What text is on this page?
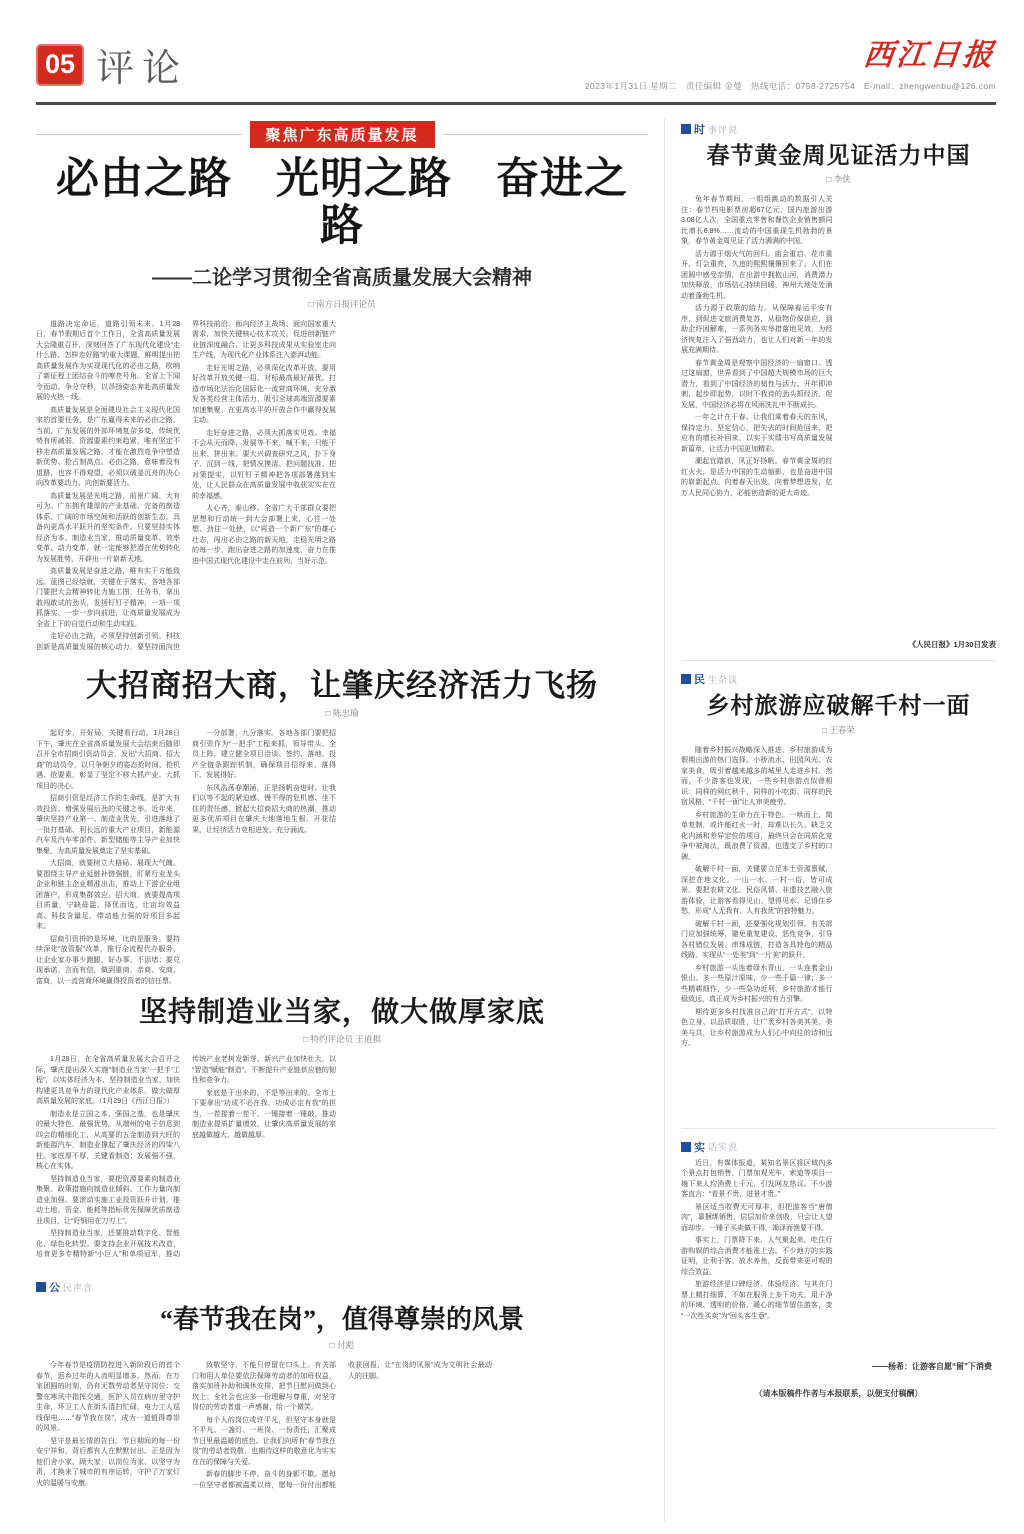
05 评论	西江日报
2023年1月31日 星期二　责任编辑 金曼　热线电话：0758-2725754　E-mail：zhengwenbu@126.com
聚焦广东高质量发展
必由之路　光明之路　奋进之路
——二论学习贯彻全省高质量发展大会精神
□ 南方日报评论员

道路决定命运，道路引领未来。1月28日，春节假期后首个工作日，全省高质量发展大会隆重召开，深刻回答了广东现代化建设“走什么路、怎样走好路”的重大课题，鲜明提出把高质量发展作为实现现代化的必由之路，吹响了新征程上团结奋斗的嘹亮号角。全省上下闻令而动、争分夺秒，以昂扬姿态奔赴高质量发展的火热一线。

高质量发展是全面建设社会主义现代化国家的首要任务，是广东赢得未来的必由之路。当前，广东发展的外部环境复杂多变，传统优势有所减弱，资源要素约束趋紧，唯有坚定不移走高质量发展之路，才能在激烈竞争中塑造新优势、抢占制高点。必由之路，意味着没有退路，也容不得观望，必须以破釜沉舟的决心向改革要动力、向创新要活力。

高质量发展是光明之路，前景广阔、大有可为。广东拥有雄厚的产业基础、完备的制造体系、广阔的市场空间和活跃的创新生态，具备向更高水平跃升的坚实条件。只要坚持实体经济为本、制造业当家，推动质量变革、效率变革、动力变革，就一定能够把潜在优势转化为发展胜势，开辟出一片崭新天地。

高质量发展是奋进之路，唯有实干方能致远。蓝图已经绘就，关键在于落实。各地各部门要把大会精神转化为施工图、任务书，拿出敢闯敢试的劲头，发扬钉钉子精神，一项一项抓落实、一步一步向前进，让高质量发展成为全省上下的自觉行动和生动实践。

走好必由之路，必须坚持创新引领。科技创新是高质量发展的核心动力，要坚持面向世界科技前沿、面向经济主战场、面向国家重大需求，加快关键核心技术攻关，促进创新链产业链深度融合，让更多科技成果从实验室走向生产线，为现代化产业体系注入澎湃动能。

走好光明之路，必须深化改革开放。要用好改革开放关键一招，对标最高最好最优，打造市场化法治化国际化一流营商环境，充分激发各类经营主体活力，吸引全球高端资源要素加速集聚，在更高水平的开放合作中赢得发展主动。

走好奋进之路，必须大抓落实见效。幸福不会从天而降，发展等不来、喊不来，只能干出来、拼出来。要大兴调查研究之风，扑下身子、沉到一线，把情况摸清、把问题找准、把对策提实，以钉钉子精神把各项部署落到实处，让人民群众在高质量发展中收获实实在在的幸福感。

人心齐，泰山移。全省广大干部群众要把思想和行动统一到大会部署上来，心往一处想、劲往一处使，以“再造一个新广东”的雄心壮志，闯出必由之路的新天地，走稳光明之路的每一步，跑出奋进之路的加速度，奋力在推进中国式现代化建设中走在前列、当好示范。

大招商招大商，让肇庆经济活力飞扬
□ 陈忠瑜

起好步，开好局，关键看行动。1月28日下午，肇庆在全省高质量发展大会结束后随即召开全市招商引资动员会，发出“大招商、招大商”的动员令，以只争朝夕的姿态抢时间、抢机遇、抢要素，彰显了坚定不移大抓产业、大抓项目的决心。

招商引资是经济工作的生命线，是扩大有效投资、增强发展后劲的关键之举。近年来，肇庆坚持产业第一、制造业优先，引进落地了一批打基础、利长远的重大产业项目，新能源汽车及汽车零部件、新型储能等主导产业加快集聚，为高质量发展奠定了坚实基础。

大招商，就要树立大格局、展现大气魄。要围绕主导产业延链补链强链，盯紧行业龙头企业和链主企业精准出击，推动上下游企业组团落户，形成集群效应。招大商，就要提高项目质量，宁缺毋滥、择优而选，让亩均效益高、科技含量足、带动能力强的好项目多起来。

招商引资拼的是环境、比的是服务。要持续深化“放管服”改革，推行全流程代办服务，让企业家办事少跑腿、好办事、不添堵；要兑现承诺、言而有信，做到重商、亲商、安商、富商，以一流营商环境赢得投资者的信任票。

一分部署，九分落实。各地各部门要把招商引资作为“一把手”工程来抓，领导带头、全员上阵，建立健全项目洽谈、签约、落地、投产全链条跟踪机制，确保项目招得来、落得下、发展得好。

东风浩荡春潮涌，正是扬帆奋进时。让我们以等不起的紧迫感、慢不得的危机感、坐不住的责任感，掀起大招商招大商的热潮，推动更多优质项目在肇庆大地落地生根、开花结果，让经济活力竞相迸发、充分涌流。

坚持制造业当家，做大做厚家底
□ 特约评论员 王道棋

1月28日，在全省高质量发展大会召开之际，肇庆提出深入实施“制造业当家‘一把手’工程”，以实体经济为本、坚持制造业当家，加快构建更具竞争力的现代化产业体系，做大做厚高质量发展的家底。（1月29日《西江日报》）

制造业是立国之本、强国之基，也是肇庆的最大特色、最强优势。从端州的电子信息到四会的精细化工，从高要的五金制造到大旺的新能源汽车，制造业撑起了肇庆经济的四梁八柱。家底厚不厚，关键看制造；发展强不强，核心在实体。

坚持制造业当家，要把资源要素向制造业集聚、政策措施向制造业倾斜、工作力量向制造业加强。要滚动实施工业投资跃升计划，推动土地、资金、能耗等指标优先保障优质制造业项目，让“好钢用在刀刃上”。

坚持制造业当家，还要推动数字化、智能化、绿色化转型。要支持企业开展技术改造，培育更多专精特新“小巨人”和单项冠军，推动传统产业老树发新芽、新兴产业加快壮大，以“智造”赋能“制造”，不断提升产业链供应链的韧性和竞争力。

家底是干出来的，不是等出来的。全市上下要拿出“功成不必在我、功成必定有我”的担当，一茬接着一茬干，一锤接着一锤敲，推动制造业提质扩量增效，让肇庆高质量发展的家底越做越大、越做越厚。

公 民声音
“春节我在岗”，值得尊崇的风景
□ 付彪

今年春节是疫情防控进入新阶段后的首个春节，返乡过年的人流明显增多。然而，在万家团圆的时刻，仍有无数劳动者坚守岗位：交警在寒风中指挥交通，医护人员在病房里守护生命，环卫工人在街头清扫忙碌，电力工人巡线保电……“春节我在岗”，成为一道值得尊崇的风景。

坚守是最长情的告白。节日期间的每一份安宁祥和，背后都有人在默默付出。正是因为他们舍小家、顾大家，以岗位为家、以坚守为责，才换来了城市的有序运转，守护了万家灯火的温暖与安康。

致敬坚守，不能只停留在口头上。有关部门和用人单位要依法保障劳动者的加班权益，落实加班补助和调休安排，把节日慰问做到心坎上；全社会也应多一份理解与尊重，对坚守岗位的劳动者道一声感谢、给一个微笑。

每个人的岗位或许平凡，但坚守本身就是不平凡。一盏灯、一班岗、一份责任，汇聚成节日里最温暖的底色。让我们向所有“春节我在岗”的劳动者致敬，也期待这样的敬意化为实实在在的保障与关爱。

新春的脚步不停，奋斗的身影不歇。愿每一位坚守者都被温柔以待，愿每一份付出都能收获回报，让“在岗的风景”成为文明社会最动人的注脚。

时 事评说
春节黄金周见证活力中国
□ 李侠

兔年春节期间，一组组跳动的数据引人关注：春节档电影票房超67亿元，国内旅游出游3.08亿人次，全国重点零售和餐饮企业销售额同比增长6.8%……流动的中国重现生机勃勃的景象，春节黄金周见证了活力满满的中国。

活力源于烟火气的回归。庙会重启、花市重开、灯会重亮，久违的熙熙攘攘回来了。人们在团圆中感受亲情，在出游中拥抱山河，消费潜力加快释放，市场信心持续回暖，神州大地处处涌动着蓬勃生机。

活力源于政策的给力。从保障春运平安有序，到促进文旅消费复苏，从稳物价保供应，到助企纾困解难，一系列务实举措落地见效，为经济恢复注入了强劲动力，也让人们对新一年的发展充满期待。

春节黄金周是观察中国经济的一扇窗口。透过这扇窗，世界看到了中国超大规模市场的巨大潜力，看到了中国经济的韧性与活力。开年即冲刺，起步即起势，以时不我待的劲头抓经济、促发展，中国经济必将在风雨洗礼中不断成长。

一年之计在于春。让我们乘着春天的东风，保持定力、坚定信心，把失去的时间抢回来，把应有的增长补回来，以实干实绩书写高质量发展新篇章，让活力中国更加精彩。

潮起宜踏浪，风正好扬帆。春节黄金周的红红火火，是活力中国的生动缩影，也是奋进中国的崭新起点。向着春天出发，向着梦想进发，亿万人民同心协力，必能创造新的更大奇迹。

《人民日报》1月30日发表
民 生杂谈
乡村旅游应破解千村一面
□ 王春荣

随着乡村振兴战略深入推进，乡村旅游成为假期出游的热门选择。小桥流水、田园风光、农家美食，吸引着越来越多的城里人走进乡村。然而，不少游客也发现，一些乡村旅游点似曾相识：同样的网红秋千、同样的小吃街、同样的民宿风格，“千村一面”让人审美疲劳。

乡村旅游的生命力在于特色。一哄而上、简单复制，或许能红火一时，却难以长久。缺乏文化内涵和差异定位的项目，最终只会在同质化竞争中被淘汰，既浪费了资源，也透支了乡村的口碑。

破解千村一面，关键要立足本土资源禀赋，深挖在地文化。一山一水、一村一俗，皆可成景。要把农耕文化、民俗风情、非遗技艺融入旅游体验，让游客看得见山、望得见水、记得住乡愁，形成“人无我有、人有我优”的独特魅力。

破解千村一面，还要强化规划引领。有关部门应加强统筹，避免重复建设、恶性竞争，引导各村错位发展、串珠成链，打造各具特色的精品线路，实现从“一处美”到“一片美”的跃升。

乡村旅游一头连着绿水青山，一头连着金山银山。多一些原汁原味，少一些千篇一律；多一些精耕细作，少一些急功近利，乡村旅游才能行稳致远，真正成为乡村振兴的有力引擎。

期待更多乡村找准自己的“打开方式”，以特色立身、以品质取胜，让广袤乡村各美其美、美美与共，让乡村旅游成为人们心中向往的诗和远方。

实 话实说

近日，有媒体报道，某知名景区将区域内多个景点打包销售，门票加观光车、索道等项目一趟下来人均消费上千元，引发网友热议。不少游客直言：“看景不贵，进景才贵。”

景区适当收费无可厚非，但把游客当“唐僧肉”，靠捆绑销售、层层加价来创收，只会让人望而却步。一锤子买卖做不得，竭泽而渔要不得。

事实上，门票降下来，人气聚起来，吃住行游购娱的综合消费才能涨上去。不少地方的实践证明，让利于客、放水养鱼，反而带来更可观的综合效益。

旅游经济是口碑经济、体验经济。与其在门票上精打细算，不如在服务上多下功夫，用干净的环境、透明的价格、暖心的细节留住游客，变“一次性买卖”为“回头客生意”。

——杨希：让游客自愿“留”下消费
（请本版稿件作者与本报联系，以便支付稿酬）
